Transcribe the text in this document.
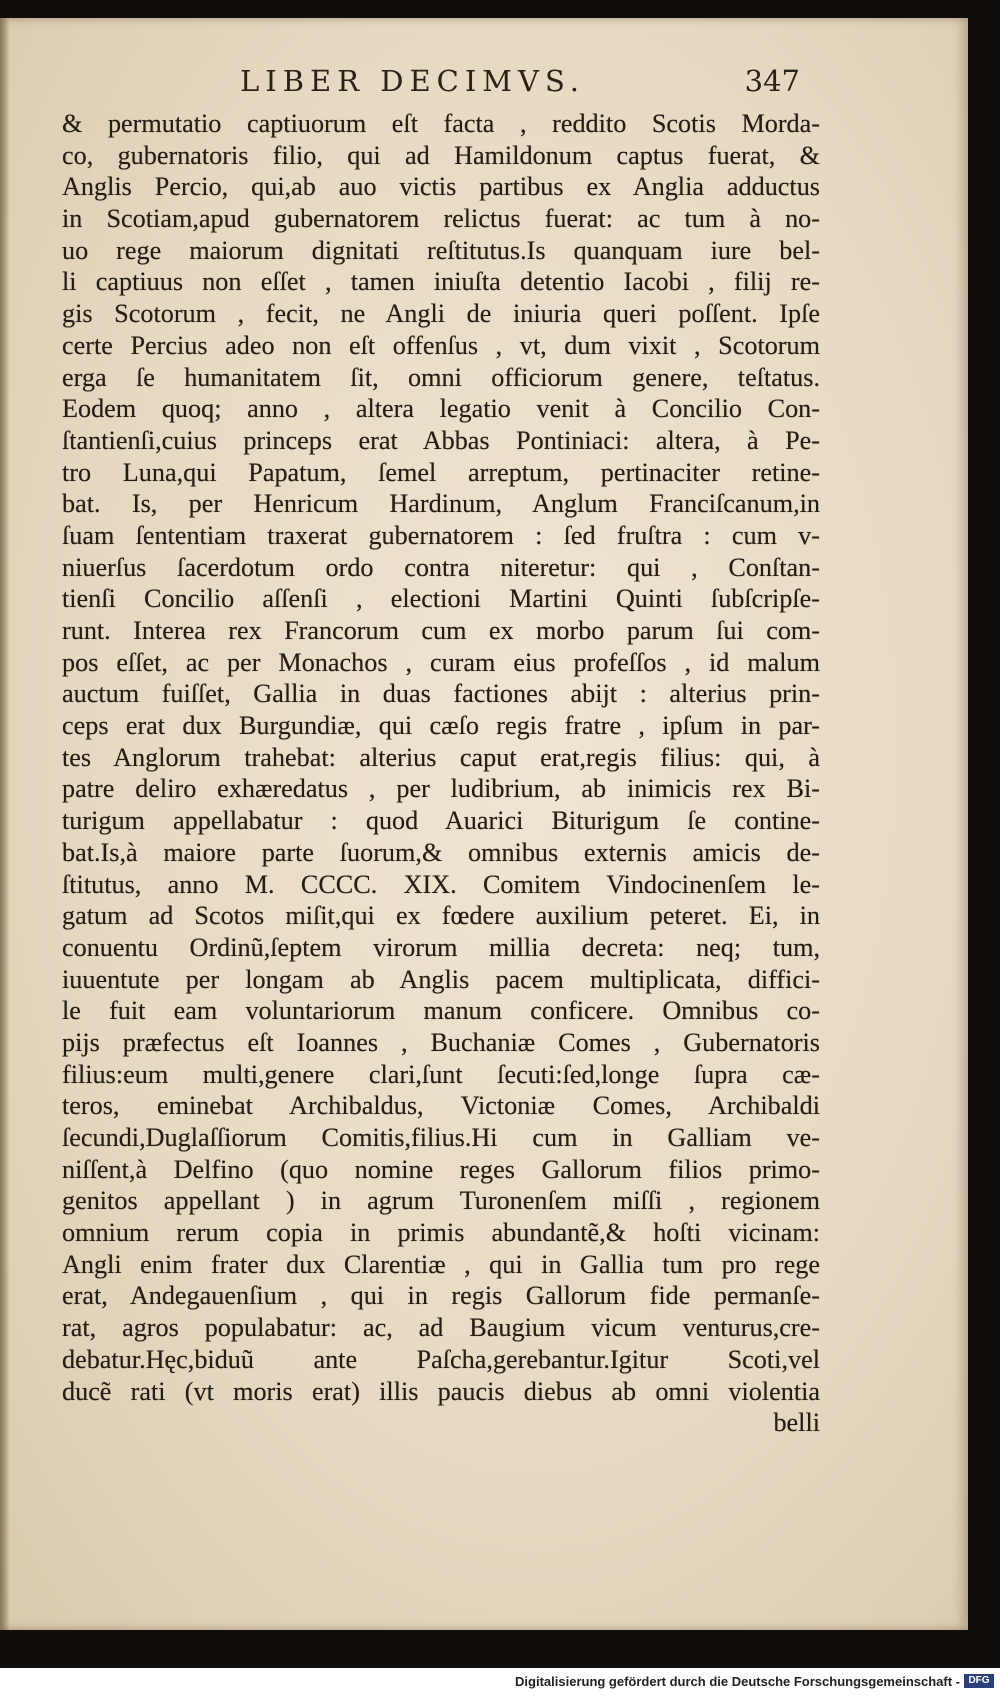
LIBER DECIMVS.	347
& permutatio captiuorum eſt facta , reddito Scotis Morda-
co, gubernatoris filio, qui ad Hamildonum captus fuerat, &
Anglis Percio, qui,ab auo victis partibus ex Anglia adductus
in Scotiam,apud gubernatorem relictus fuerat: ac tum à no-
uo rege maiorum dignitati reſtitutus.Is quanquam iure bel-
li captiuus non eſſet , tamen iniuſta detentio Iacobi , filij re-
gis Scotorum , fecit, ne Angli de iniuria queri poſſent. Ipſe
certe Percius adeo non eſt offenſus , vt, dum vixit , Scotorum
erga ſe humanitatem ſit, omni officiorum genere, teſtatus.
Eodem quoq; anno , altera legatio venit à Concilio Con-
ſtantienſi,cuius princeps erat Abbas Pontiniaci: altera, à Pe-
tro Luna,qui Papatum, ſemel arreptum, pertinaciter retine-
bat. Is, per Henricum Hardinum, Anglum Franciſcanum,in
ſuam ſententiam traxerat gubernatorem : ſed fruſtra : cum v-
niuerſus ſacerdotum ordo contra niteretur: qui , Conſtan-
tienſi Concilio aſſenſi , electioni Martini Quinti ſubſcripſe-
runt. Interea rex Francorum cum ex morbo parum ſui com-
pos eſſet, ac per Monachos , curam eius profeſſos , id malum
auctum fuiſſet, Gallia in duas factiones abijt : alterius prin-
ceps erat dux Burgundiæ, qui cæſo regis fratre , ipſum in par-
tes Anglorum trahebat: alterius caput erat,regis filius: qui, à
patre deliro exhæredatus , per ludibrium, ab inimicis rex Bi-
turigum appellabatur : quod Auarici Biturigum ſe contine-
bat.Is,à maiore parte ſuorum,& omnibus externis amicis de-
ſtitutus, anno M. CCCC. XIX. Comitem Vindocinenſem le-
gatum ad Scotos miſit,qui ex fœdere auxilium peteret. Ei, in
conuentu Ordinũ,ſeptem virorum millia decreta: neq; tum,
iuuentute per longam ab Anglis pacem multiplicata, diffici-
le fuit eam voluntariorum manum conficere. Omnibus co-
pijs præfectus eſt Ioannes , Buchaniæ Comes , Gubernatoris
filius:eum multi,genere clari,ſunt ſecuti:ſed,longe ſupra cæ-
teros, eminebat Archibaldus, Victoniæ Comes, Archibaldi
ſecundi,Duglaſſiorum Comitis,filius.Hi cum in Galliam ve-
niſſent,à Delfino (quo nomine reges Gallorum filios primo-
genitos appellant ) in agrum Turonenſem miſſi , regionem
omnium rerum copia in primis abundantẽ,& hoſti vicinam:
Angli enim frater dux Clarentiæ , qui in Gallia tum pro rege
erat, Andegauenſium , qui in regis Gallorum fide permanſe-
rat, agros populabatur: ac, ad Baugium vicum venturus,cre-
debatur.Hęc,biduũ ante Paſcha,gerebantur.Igitur Scoti,vel
ducẽ rati (vt moris erat) illis paucis diebus ab omni violentia
belli
Digitalisierung gefördert durch die Deutsche Forschungsgemeinschaft - DFG
